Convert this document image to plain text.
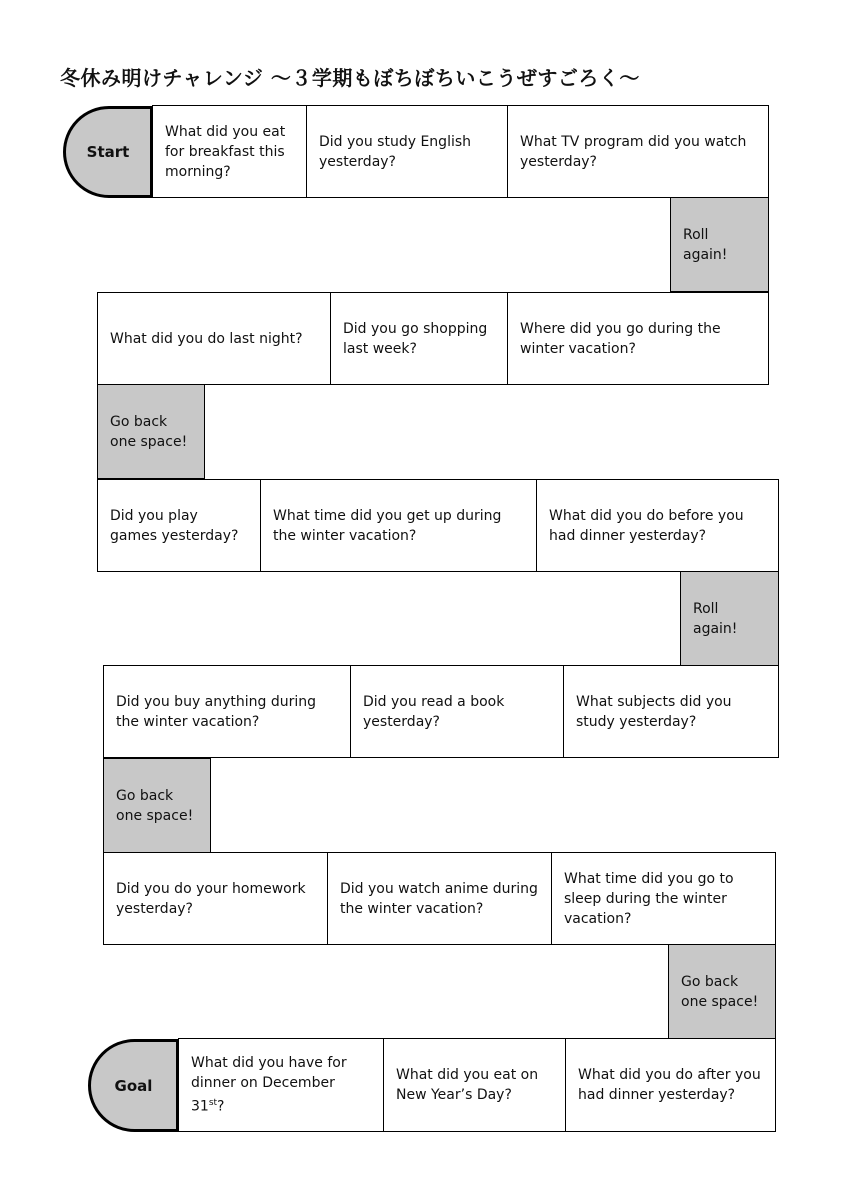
冬休み明けチャレンジ 〜３学期もぼちぼちいこうぜすごろく〜
Start
What did you eat for breakfast this morning?
Did you study English yesterday?
What TV program did you watch yesterday?
Roll again!
What did you do last night?
Did you go shopping last week?
Where did you go during the winter vacation?
Go back one space!
Did you play games yesterday?
What time did you get up during the winter vacation?
What did you do before you had dinner yesterday?
Roll again!
Did you buy anything during the winter vacation?
Did you read a book yesterday?
What subjects did you study yesterday?
Go back one space!
Did you do your homework yesterday?
Did you watch anime during the winter vacation?
What time did you go to sleep during the winter vacation?
Go back one space!
Goal
What did you have for dinner on December 31st?
What did you eat on New Year’s Day?
What did you do after you had dinner yesterday?
